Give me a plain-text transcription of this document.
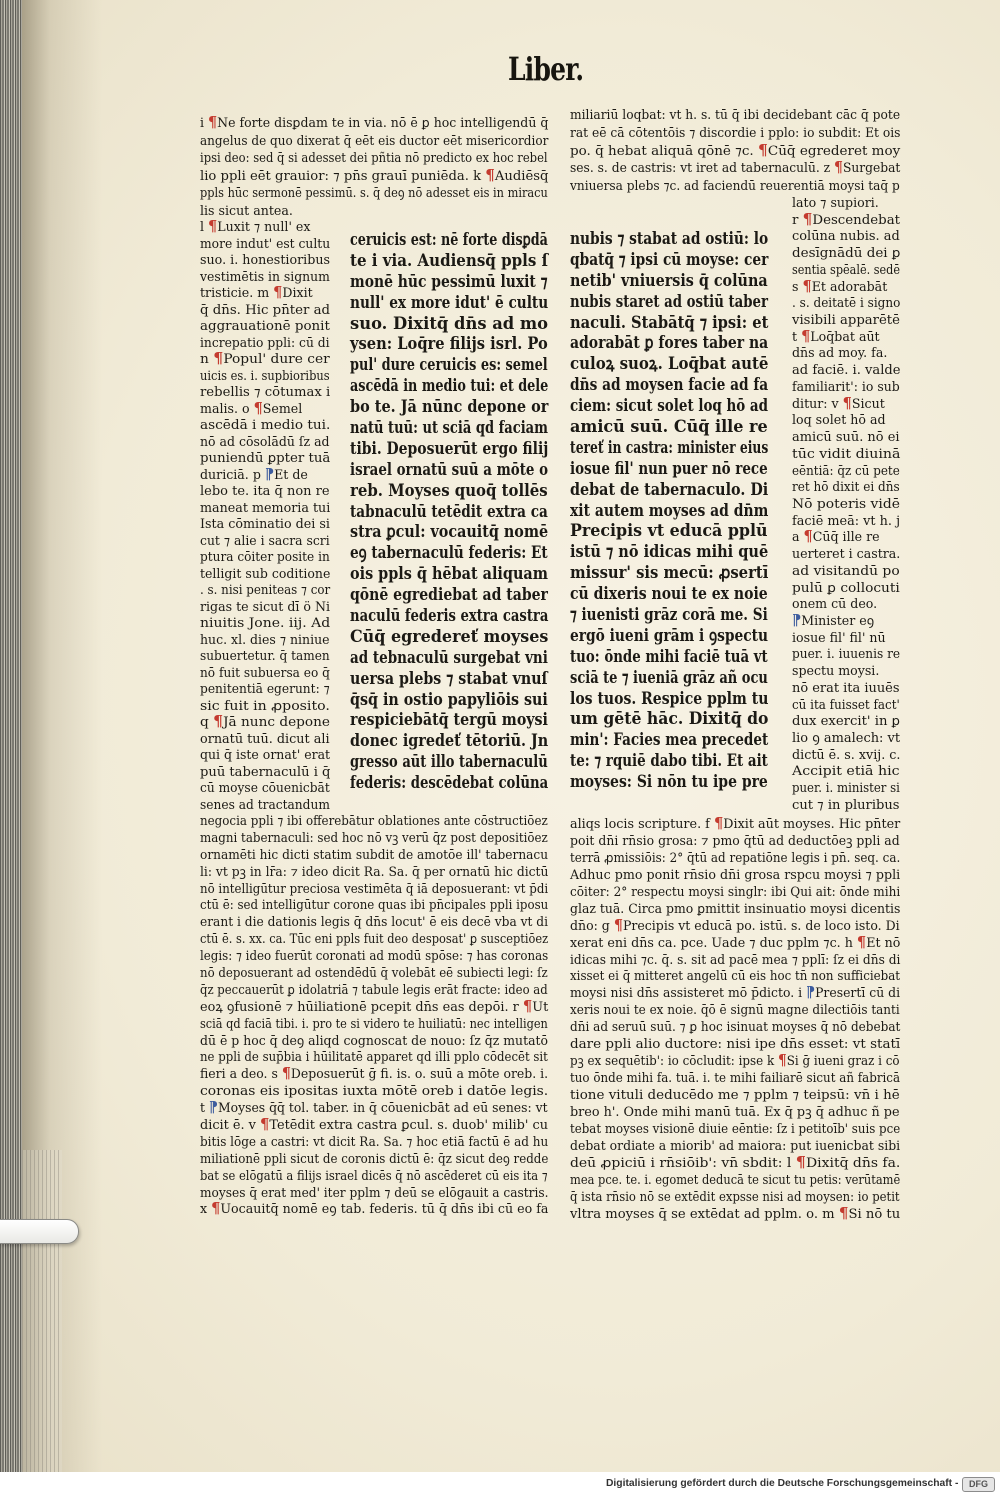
Liber.
i ¶Ne forte disꝑdam te in via. nō ē ꝑ hoc intelligendū q̄
angelus de quo dixerat q̄ eēt eis ductor eēt misericordior
ipsi deo: sed q̄ si adesset dei pñtia nō predicto ex hoc rebel
lio ppli eēt grauior: ⁊ pn̄s grauī puniēda. k ¶Audiēsq̄
ppls hūc sermonē pessimū. s. q̄ deꝯ nō adesset eis in miracu
lis sicut antea.
miliariū loqbat: vt h. s. tū q̄ ibi decidebant cāc q̄ pote
rat eē cā cōtentōis ⁊ discordie i pplo: io subdit: Et ois
po. q̄ hebat aliquā qōnē ⁊c. ¶Cūq̄ egrederet moy
ses. s. de castris: vt iret ad tabernaculū. z ¶Surgebat
vniuersa plebs ⁊c. ad faciendū reuerentiā moysi taq̄ p
l ¶Luxit ⁊ null' ex
more indut' est cultu
suo. i. honestioribus
vestimētis in signum
tristicie. m ¶Dixit
q̄ dn̄s. Hic pn̄ter ad
aggrauationē ponit
increpatio ppli: cū di
n ¶Popul' dure cer
uicis es. i. supbioribus
rebellis ⁊ cōtumax i
malis. o ¶Semel
ascēdā i medio tui.
nō ad cōsolādū ſz ad
puniendū ꝑpter tuā
duriciā. p ⁋Et de
lebo te. ita q̄ non re
maneat memoria tui
Ista cōminatio dei si
cut ⁊ alie i sacra scri
ptura cōiter posite in
telligit sub coditione
. s. nisi peniteas ⁊ cor
rigas te sicut dī ö Ni
niuitis Jone. iij. Ad
huc. xl. dies ⁊ niniue
subuertetur. q̄ tamen
nō fuit subuersa eo q̄
penitentiā egerunt: ⁊
sic fuit in ꝓposito.
q ¶Jā nunc depone
ornatū tuū. dicut ali
qui q̄ iste ornat' erat
puū tabernaculū i q̄
cū moyse cōuenicbāt
senes ad tractandum
ceruicis est: nē forte disꝑdā
te i via. Audiensq̄ ppls ſ
monē hūc pessimū luxit ⁊
null' ex more idut' ē cultu
suo. Dixitq̄ dn̄s ad mo
ysen: Loq̄re filijs isrl. Po
pul' dure ceruicis es: semel
ascēdā in medio tui: et dele
bo te. Jā nūnc depone or
natū tuū: ut sciā qd faciam
tibi. Deposuerūt ergo filij
israel ornatū suū a mōte o
reb. Moyses quoq̄ tollēs
tabnaculū tetēdit extra ca
stra ꝑcul: vocauitq̄ nomē
eꝯ tabernaculū federis: Et
ois ppls q̄ hēbat aliquam
qōnē egrediebat ad taber
naculū federis extra castra
Cūq̄ egredereť moyses
ad tebnaculū surgebat vni
uersa plebs ⁊ stabat vnuſ
q̄sq̄ in ostio papyliōis sui
respiciebātq̄ tergū moysi
donec igredeť tētoriū. Jn
gresso aūt illo tabernaculū
federis: descēdebat colūna
nubis ⁊ stabat ad ostiū: lo
qbatq̄ ⁊ ipsi cū moyse: cer
netib' vniuersis q̄ colūna
nubis staret ad ostiū taber
naculi. Stabātq̄ ⁊ ipsi: et
adorabāt ꝑ fores taber na
culoꝝ suoꝝ. Loq̄bat autē
dn̄s ad moysen facie ad fa
ciem: sicut solet loq hō ad
amicū suū. Cūq̄ ille re
tereť in castra: minister eius
iosue fil' nun puer nō rece
debat de tabernaculo. Di
xit autem moyses ad dn̄m
Precipis vt educā pplū
istū ⁊ nō idicas mihi quē
missur' sis mecū: ꝓsertī
cū dixeris noui te ex noie
⁊ iuenisti grāz corā me. Si
ergō iueni grām i ꝯspectu
tuo: ōnde mihi faciē tuā vt
sciā te ⁊ iueniā grāz añ ocu
los tuos. Respice pplm tu
um gētē hāc. Dixitq̄ do
min': Facies mea precedet
te: ⁊ rquiē dabo tibi. Et ait
moyses: Si nōn tu ipe pre
lato ⁊ supiori.
r ¶Descendebat
colūna nubis. ad
desīgnādū dei ꝑ
sentia spēalē. sedē
s ¶Et adorabāt
. s. deitatē i signo
visibili apparētē
t ¶Loq̄bat aūt
dn̄s ad moy. fa.
ad faciē. i. valde
familiarit': io sub
ditur: v ¶Sicut
loq solet hō ad
amicū suū. nō ei
tūc vidit diuinā
eēntiā: q̄z cū pete
ret hō dixit ei dn̄s
Nō poteris vidē
faciē meā: vt h. j
a ¶Cūq̄ ille re
uerteret i castra.
ad visitandū po
pulū ꝑ collocuti
onem cū deo.
⁋Minister eꝯ
iosue fil' fil' nū
puer. i. iuuenis re
spectu moysi.
nō erat ita iuuēs
cū ita fuisset fact'
dux exercit' in ꝑ
lio ꝯ amalech: vt
dictū ē. s. xvij. c.
Accipit etiā hic
puer. i. minister si
cut ⁊ in pluribus
negocia ppli ⁊ ibi offerebātur oblationes ante cōstructiōez
magni tabernaculi: sed hoc nō vꝫ verū q̄z post depositiōez
ornamēti hic dicti statim subdit de amotōe ill' tabernacu
li: vt pꝫ in lr̄a: ⁊ ideo dicit Ra. Sa. q̄ per ornatū hic dictū
nō intelligūtur preciosa vestimēta q̄ iā deposuerant: vt p̄di
ctū ē: sed intelligūtur corone quas ibi pn̄cipales ppli iposu
erant i die dationis legis q̄ dn̄s locut' ē eis decē vba vt di
ctū ē. s. xx. ca. Tūc eni ppls fuit deo desposat' ꝑ susceptiōez
legis: ⁊ ideo fuerūt coronati ad modū spōse: ⁊ has coronas
nō deposuerant ad ostendēdū q̄ volebāt eē subiecti legi: ſz
q̄z peccauerūt ꝑ idolatriā ⁊ tabule legis erāt fracte: ideo ad
eoꝝ ꝯfusionē ⁊ hūiliationē pcepit dn̄s eas depōi. r ¶Ut
sciā qd faciā tibi. i. pro te si videro te huiliatū: nec intelligen
dū ē p hoc q̄ deꝯ aliqd cognoscat de nouo: ſz q̄z mutatō
ne ppli de sup̄bia i hūilitatē apparet qd illi pplo cōdecēt sit
fieri a deo. s ¶Deposuerūt ḡ fi. is. o. suū a mōte oreb. i.
coronas eis ipositas iuxta mōtē oreb i datōe legis.
t ⁋Moyses q̄q̄ tol. taber. in q̄ cōuenicbāt ad eū senes: vt
dicit ē. v ¶Tetēdit extra castra ꝑcul. s. duob' milib' cu
bitis lōge a castri: vt dicit Ra. Sa. ⁊ hoc etiā factū ē ad hu
miliationē ppli sicut de coronis dictū ē: q̄z sicut deꝯ redde
bat se elōgatū a filijs israel dicēs q̄ nō ascēderet cū eis ita ⁊
moyses q̄ erat med' iter pplm ⁊ deū se elōgauit a castris.
x ¶Uocauitq̄ nomē eꝯ tab. federis. tū q̄ dn̄s ibi cū eo fa
aliqs locis scripture. f ¶Dixit aūt moyses. Hic pn̄ter
poit dn̄i rn̄sio grosa: ⁊ pmo q̄tū ad deductōeꝫ ppli ad
terrā ꝓmissiōis: 2° q̄tū ad repatiōne legis i pn̄. seq. ca.
Adhuc pmo ponit rn̄sio dn̄i grosa rspcu moysi ⁊ ppli
cōiter: 2° respectu moysi singlr: ibi Qui ait: ōnde mihi
glaz tuā. Circa pmo ꝑmittit insinuatio moysi dicentis
dn̄o: g ¶Precipis vt educā po. istū. s. de loco isto. Di
xerat eni dn̄s ca. pce. Uade ⁊ duc pplm ⁊c. h ¶Et nō
idicas mihi ⁊c. q̄. s. sit ad pacē mea ⁊ pplī: ſz ei dn̄s di
xisset ei q̄ mitteret angelū cū eis hoc tn̄ non sufficiebat
moysi nisi dn̄s assisteret mō p̄dicto. i ⁋Presertī cū di
xeris noui te ex noie. q̄ō ē signū magne dilectiōis tanti
dn̄i ad seruū suū. ⁊ ꝑ hoc isinuat moyses q̄ nō debebat
dare ppli alio ductore: nisi ipe dn̄s esset: vt statī
pꝫ ex sequētib': io cōcludit: ipse k ¶Si ḡ iueni graz i cō
tuo ōnde mihi fa. tuā. i. te mihi failiarē sicut añ fabricā
tione vituli deducēdo me ⁊ pplm ⁊ teipsū: vn̄ i hē
breo h'. Onde mihi manū tuā. Ex q̄ pꝫ q̄ adhuc ñ pe
tebat moyses visionē diuie eēntie: ſz i petitoīb' suis pce
debat ordiate a miorib' ad maiora: put iuenicbat sibi
deū ꝓpiciū i rn̄siōib': vn̄ sbdit: l ¶Dixitq̄ dn̄s fa.
mea pce. te. i. egomet deducā te sicut tu petis: verūtamē
q̄ ista rn̄sio nō se extēdit expsse nisi ad moysen: io petit
vltra moyses q̄ se extēdat ad pplm. o. m ¶Si nō tu
Digitalisierung gefördert durch die Deutsche Forschungsgemeinschaft -	DFG
